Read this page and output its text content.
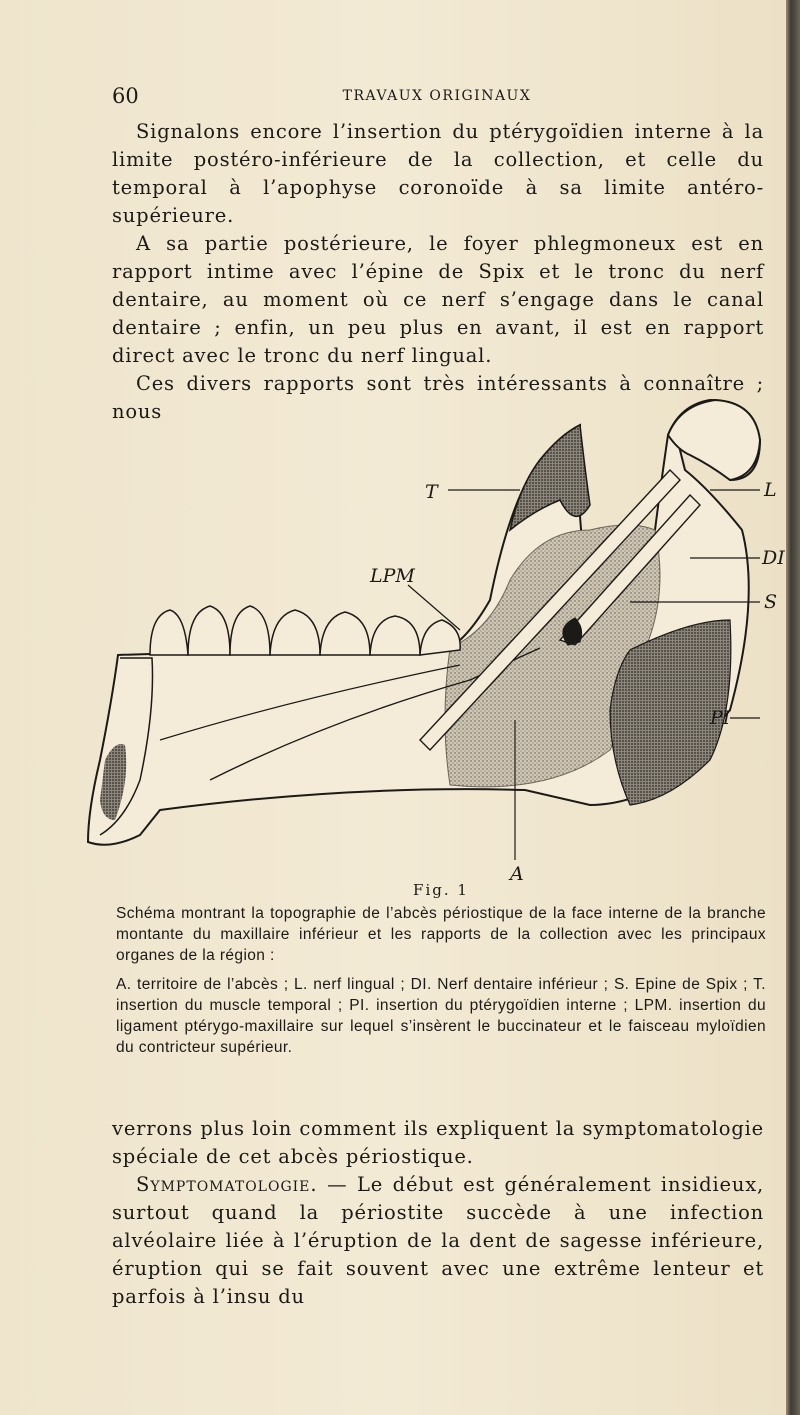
60	TRAVAUX ORIGINAUX

Signalons encore l’insertion du ptérygoïdien interne à la limite postéro-inférieure de la collection, et celle du temporal à l’apophyse coronoïde à sa limite antéro-supérieure.

A sa partie postérieure, le foyer phlegmoneux est en rapport intime avec l’épine de Spix et le tronc du nerf dentaire, au moment où ce nerf s’engage dans le canal dentaire ; enfin, un peu plus en avant, il est en rapport direct avec le tronc du nerf lingual.

Ces divers rapports sont très intéressants à connaître ; nous

T	L
DI
S
PI
LPM
A

Fig. 1

Schéma montrant la topographie de l’abcès périostique de la face interne de la branche montante du maxillaire inférieur et les rapports de la collection avec les principaux organes de la région :

A. territoire de l’abcès ; L. nerf lingual ; DI. Nerf dentaire inférieur ; S. Epine de Spix ; T. insertion du muscle temporal ; PI. insertion du ptérygoïdien interne ; LPM. insertion du ligament ptérygo-maxillaire sur lequel s’insèrent le buccinateur et le faisceau myloïdien du contricteur supérieur.

verrons plus loin comment ils expliquent la symptomatologie spéciale de cet abcès périostique.

Symptomatologie. — Le début est généralement insidieux, surtout quand la périostite succède à une infection alvéolaire liée à l’éruption de la dent de sagesse inférieure, éruption qui se fait souvent avec une extrême lenteur et parfois à l’insu du
